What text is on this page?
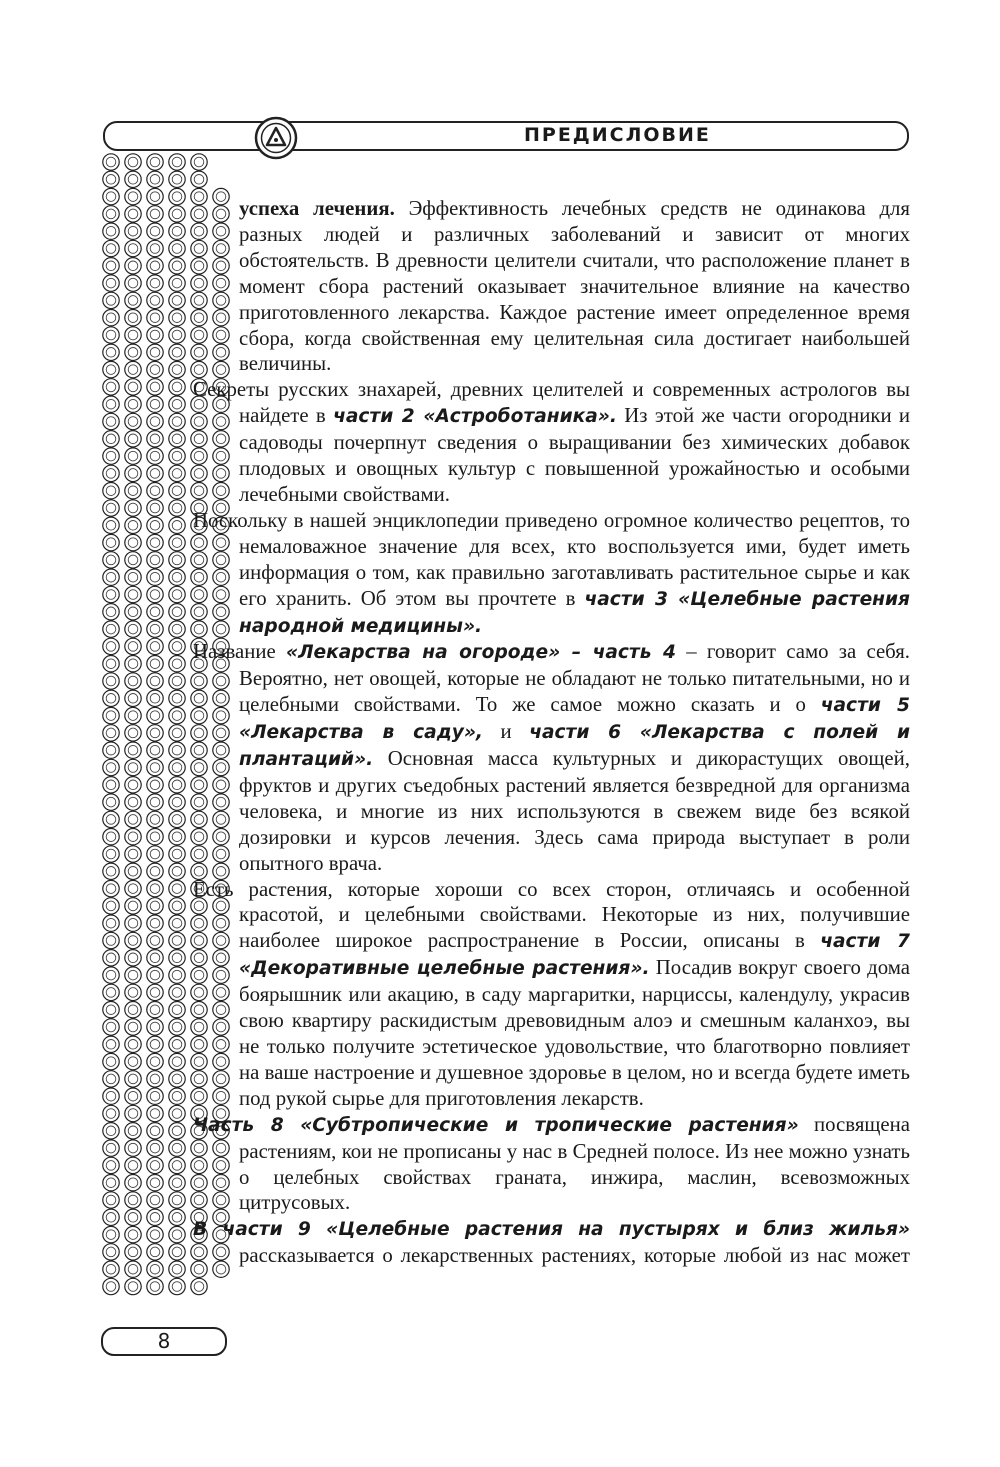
ПРЕДИСЛОВИЕ

успеха лечения. Эффективность лечебных средств не одинакова для разных людей и различных заболеваний и зависит от многих обстоятельств. В древности целители считали, что расположение планет в момент сбора растений оказывает значительное влияние на качество приготовленного лекарства. Каждое растение имеет определенное время сбора, когда свойственная ему целительная сила достигает наибольшей величины.

Секреты русских знахарей, древних целителей и современных астрологов вы найдете в части 2 «Астроботаника». Из этой же части огородники и садоводы почерпнут сведения о выращивании без химических добавок плодовых и овощных культур с повышенной урожайностью и особыми лечебными свойствами.

Поскольку в нашей энциклопедии приведено огромное количество рецептов, то немаловажное значение для всех, кто воспользуется ими, будет иметь информация о том, как правильно заготавливать растительное сырье и как его хранить. Об этом вы прочтете в части 3 «Целебные растения народной медицины».

Название «Лекарства на огороде» – часть 4 – говорит само за себя. Вероятно, нет овощей, которые не обладают не только питательными, но и целебными свойствами. То же самое можно сказать и о части 5 «Лекарства в саду», и части 6 «Лекарства с полей и плантаций». Основная масса культурных и дикорастущих овощей, фруктов и других съедобных растений является безвредной для организма человека, и многие из них используются в свежем виде без всякой дозировки и курсов лечения. Здесь сама природа выступает в роли опытного врача.

Есть растения, которые хороши со всех сторон, отличаясь и особенной красотой, и целебными свойствами. Некоторые из них, получившие наиболее широкое распространение в России, описаны в части 7 «Декоративные целебные растения». Посадив вокруг своего дома боярышник или акацию, в саду маргаритки, нарциссы, календулу, украсив свою квартиру раскидистым древовидным алоэ и смешным каланхоэ, вы не только получите эстетическое удовольствие, что благотворно повлияет на ваше настроение и душевное здоровье в целом, но и всегда будете иметь под рукой сырье для приготовления лекарств.

Часть 8 «Субтропические и тропические растения» посвящена растениям, кои не прописаны у нас в Средней полосе. Из нее можно узнать о целебных свойствах граната, инжира, маслин, всевозможных цитрусовых.

В части 9 «Целебные растения на пустырях и близ жилья» рассказывается о лекарственных растениях, которые любой из нас может

8
